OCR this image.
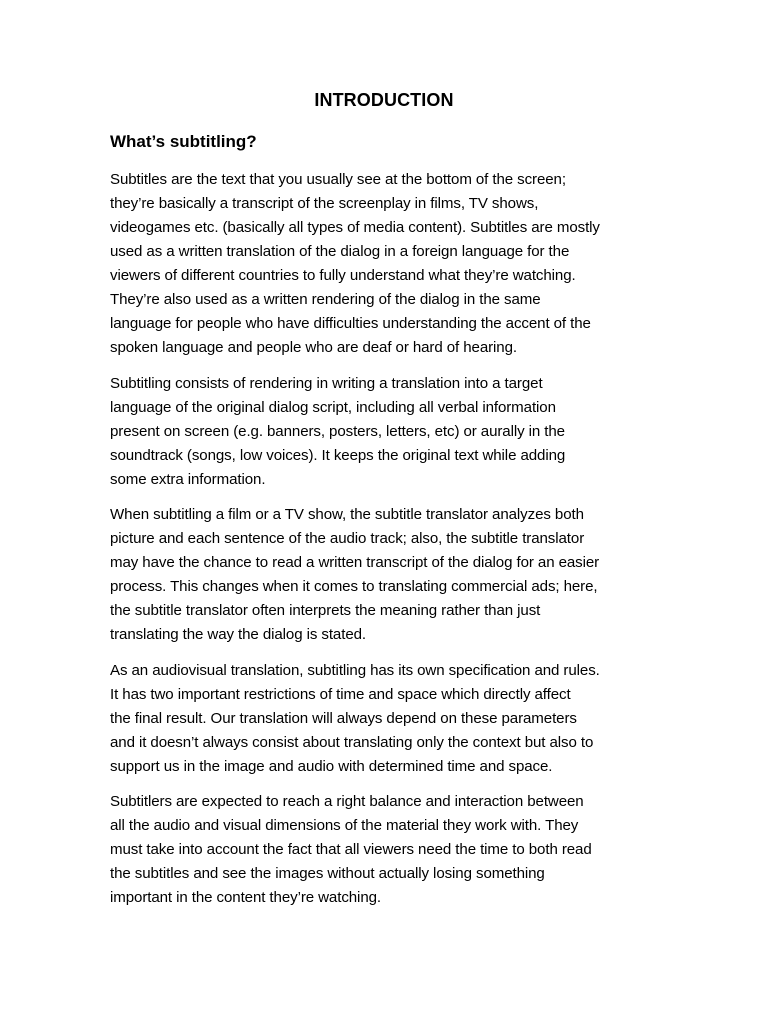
INTRODUCTION
What’s subtitling?

Subtitles are the text that you usually see at the bottom of the screen;
they’re basically a transcript of the screenplay in films, TV shows,
videogames etc. (basically all types of media content). Subtitles are mostly
used as a written translation of the dialog in a foreign language for the
viewers of different countries to fully understand what they’re watching.
They’re also used as a written rendering of the dialog in the same
language for people who have difficulties understanding the accent of the
spoken language and people who are deaf or hard of hearing.

Subtitling consists of rendering in writing a translation into a target
language of the original dialog script, including all verbal information
present on screen (e.g. banners, posters, letters, etc) or aurally in the
soundtrack (songs, low voices). It keeps the original text while adding
some extra information.

When subtitling a film or a TV show, the subtitle translator analyzes both
picture and each sentence of the audio track; also, the subtitle translator
may have the chance to read a written transcript of the dialog for an easier
process. This changes when it comes to translating commercial ads; here,
the subtitle translator often interprets the meaning rather than just
translating the way the dialog is stated.

As an audiovisual translation, subtitling has its own specification and rules.
It has two important restrictions of time and space which directly affect
the final result. Our translation will always depend on these parameters
and it doesn’t always consist about translating only the context but also to
support us in the image and audio with determined time and space.

Subtitlers are expected to reach a right balance and interaction between
all the audio and visual dimensions of the material they work with. They
must take into account the fact that all viewers need the time to both read
the subtitles and see the images without actually losing something
important in the content they’re watching.
